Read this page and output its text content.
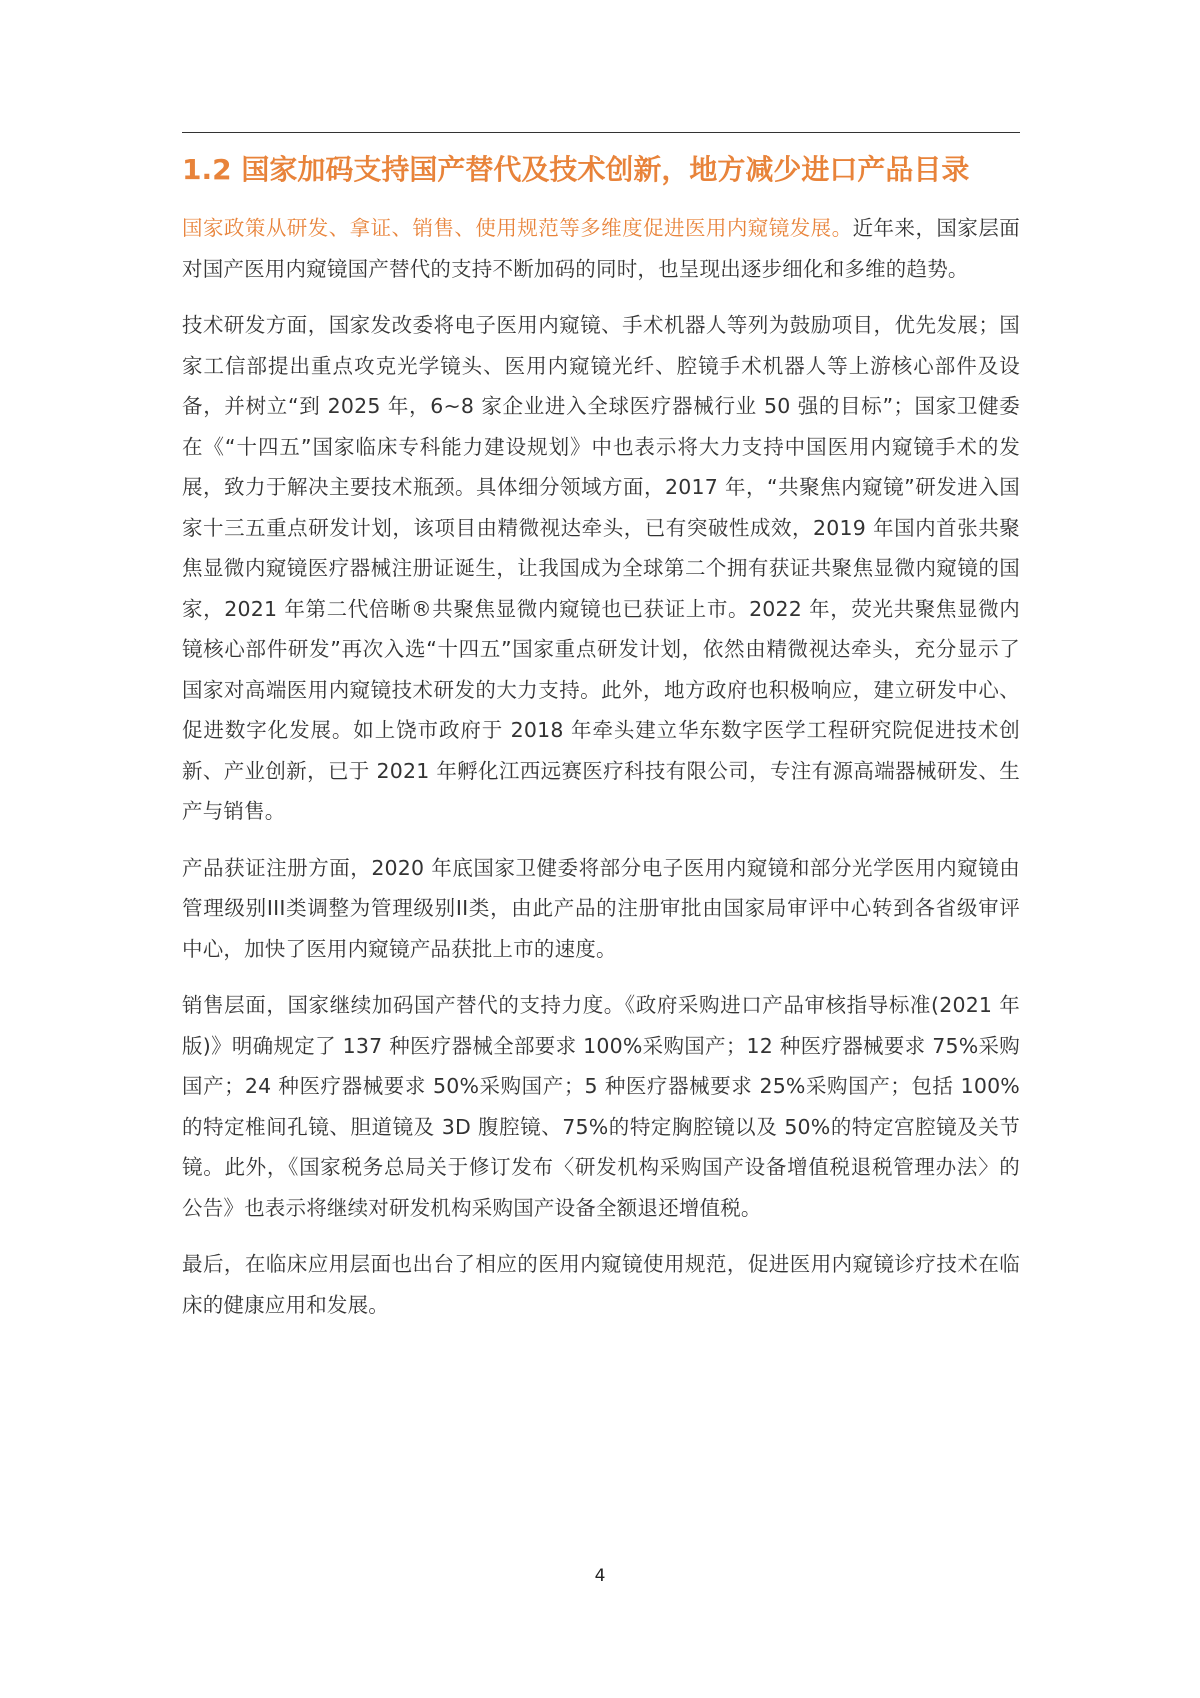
1.2 国家加码支持国产替代及技术创新，地方减少进口产品目录

国家政策从研发、拿证、销售、使用规范等多维度促进医用内窥镜发展。近年来，国家层面对国产医用内窥镜国产替代的支持不断加码的同时，也呈现出逐步细化和多维的趋势。

技术研发方面，国家发改委将电子医用内窥镜、手术机器人等列为鼓励项目，优先发展；国家工信部提出重点攻克光学镜头、医用内窥镜光纤、腔镜手术机器人等上游核心部件及设备，并树立“到 2025 年，6~8 家企业进入全球医疗器械行业 50 强的目标”；国家卫健委在《“十四五”国家临床专科能力建设规划》中也表示将大力支持中国医用内窥镜手术的发展，致力于解决主要技术瓶颈。具体细分领域方面，2017 年，“共聚焦内窥镜”研发进入国家十三五重点研发计划，该项目由精微视达牵头，已有突破性成效，2019 年国内首张共聚焦显微内窥镜医疗器械注册证诞生，让我国成为全球第二个拥有获证共聚焦显微内窥镜的国家，2021 年第二代倍晰®共聚焦显微内窥镜也已获证上市。2022 年，荧光共聚焦显微内镜核心部件研发”再次入选“十四五”国家重点研发计划，依然由精微视达牵头，充分显示了国家对高端医用内窥镜技术研发的大力支持。此外，地方政府也积极响应，建立研发中心、促进数字化发展。如上饶市政府于 2018 年牵头建立华东数字医学工程研究院促进技术创新、产业创新，已于 2021 年孵化江西远赛医疗科技有限公司，专注有源高端器械研发、生产与销售。

产品获证注册方面，2020 年底国家卫健委将部分电子医用内窥镜和部分光学医用内窥镜由管理级别III类调整为管理级别II类，由此产品的注册审批由国家局审评中心转到各省级审评中心，加快了医用内窥镜产品获批上市的速度。

销售层面，国家继续加码国产替代的支持力度。《政府采购进口产品审核指导标准(2021 年版)》明确规定了 137 种医疗器械全部要求 100%采购国产；12 种医疗器械要求 75%采购国产；24 种医疗器械要求 50%采购国产；5 种医疗器械要求 25%采购国产；包括 100%的特定椎间孔镜、胆道镜及 3D 腹腔镜、75%的特定胸腔镜以及 50%的特定宫腔镜及关节镜。此外，《国家税务总局关于修订发布〈研发机构采购国产设备增值税退税管理办法〉的公告》也表示将继续对研发机构采购国产设备全额退还增值税。

最后，在临床应用层面也出台了相应的医用内窥镜使用规范，促进医用内窥镜诊疗技术在临床的健康应用和发展。

4
